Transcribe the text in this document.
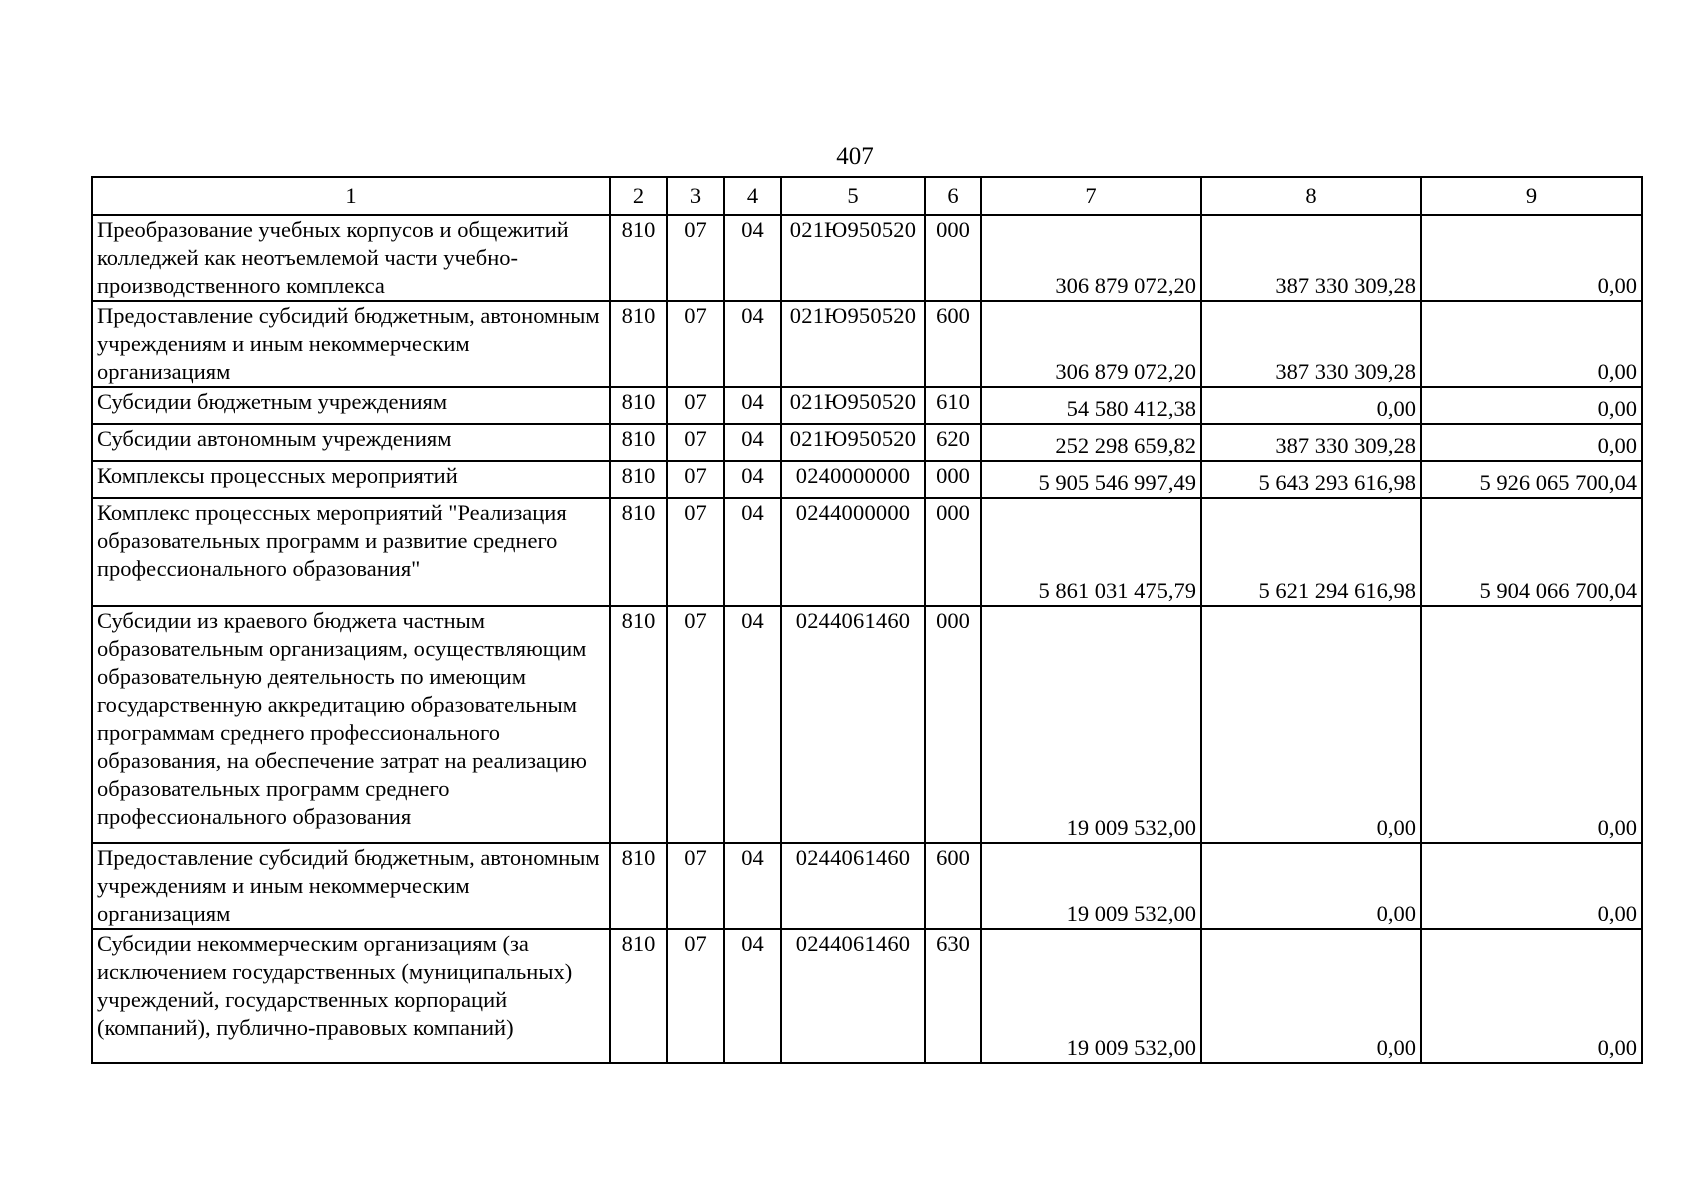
407
1	2	3	4	5	6	7	8	9
Преобразование учебных корпусов и общежитий колледжей как неотъемлемой части учебно-производственного комплекса	810	07	04	021Ю950520	000	306 879 072,20	387 330 309,28	0,00
Предоставление субсидий бюджетным, автономным учреждениям и иным некоммерческим организациям	810	07	04	021Ю950520	600	306 879 072,20	387 330 309,28	0,00
Субсидии бюджетным учреждениям	810	07	04	021Ю950520	610	54 580 412,38	0,00	0,00
Субсидии автономным учреждениям	810	07	04	021Ю950520	620	252 298 659,82	387 330 309,28	0,00
Комплексы процессных мероприятий	810	07	04	0240000000	000	5 905 546 997,49	5 643 293 616,98	5 926 065 700,04
Комплекс процессных мероприятий "Реализация образовательных программ и развитие среднего профессионального образования"	810	07	04	0244000000	000	5 861 031 475,79	5 621 294 616,98	5 904 066 700,04
Субсидии из краевого бюджета частным образовательным организациям, осуществляющим образовательную деятельность по имеющим государственную аккредитацию образовательным программам среднего профессионального образования, на обеспечение затрат на реализацию образовательных программ среднего профессионального образования	810	07	04	0244061460	000	19 009 532,00	0,00	0,00
Предоставление субсидий бюджетным, автономным учреждениям и иным некоммерческим организациям	810	07	04	0244061460	600	19 009 532,00	0,00	0,00
Субсидии некоммерческим организациям (за исключением государственных (муниципальных) учреждений, государственных корпораций (компаний), публично-правовых компаний)	810	07	04	0244061460	630	19 009 532,00	0,00	0,00
